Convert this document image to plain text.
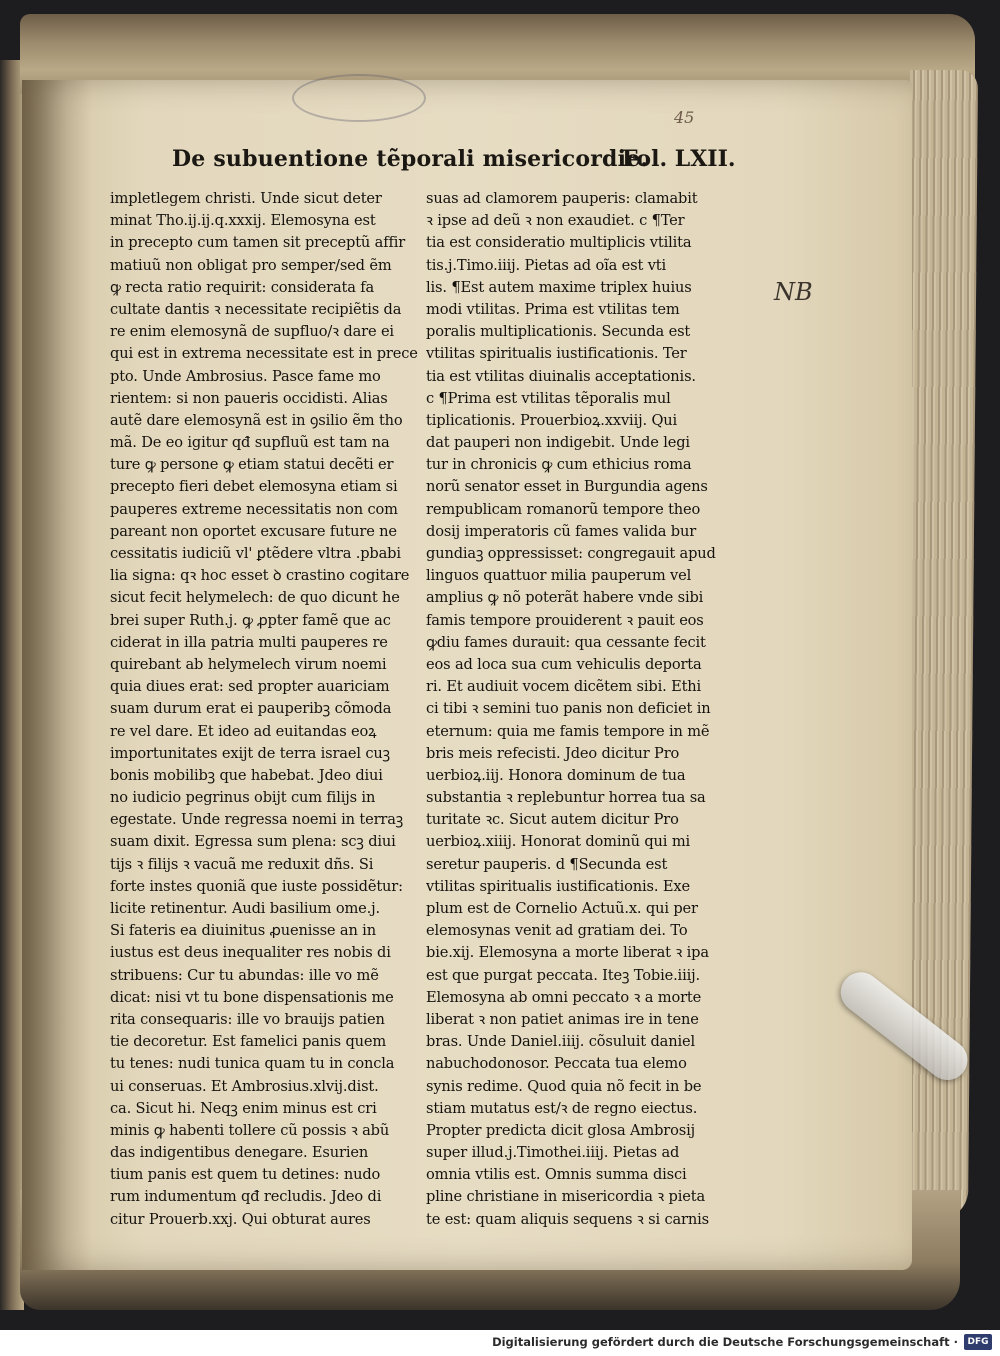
45
De subuentione tẽporali misericordie.
Fol. LXII.
NB
impletlegem christi. Unde sicut deter
minat Tho.ij.ij.q.xxxij. Elemosyna est
in precepto cum tamen sit preceptũ affir
matiuũ non obligat pro semper/sed ẽm
ꝙ recta ratio requirit: considerata fa
cultate dantis ꝛ necessitate recipiẽtis da
re enim elemosynã de supfluo/ꝛ dare ei
qui est in extrema necessitate est in prece
pto. Unde Ambrosius. Pasce fame mo
rientem: si non paueris occidisti. Alias
autẽ dare elemosynã est in ꝯsilio ẽm tho
mã. De eo igitur qđ supfluũ est tam na
ture ꝙ persone ꝙ etiam statui decẽti er
precepto fieri debet elemosyna etiam si
pauperes extreme necessitatis non com
pareant non oportet excusare future ne
cessitatis iudiciũ vl' ꝑtẽdere vltra .pbabi
lia signa: qꝛ hoc esset ꝺ crastino cogitare
sicut fecit helymelech: de quo dicunt he
brei super Ruth.j. ꝙ ꝓpter famẽ que ac
ciderat in illa patria multi pauperes re
quirebant ab helymelech virum noemi
quia diues erat: sed propter auariciam
suam durum erat ei pauperibꝫ cõmoda
re vel dare. Et ideo ad euitandas eoꝝ
importunitates exijt de terra israel cuꝫ
bonis mobilibꝫ que habebat. Jdeo diui
no iudicio pegrinus obijt cum filijs in
egestate. Unde regressa noemi in terraꝫ
suam dixit. Egressa sum plena: scꝫ diui
tijs ꝛ filijs ꝛ vacuã me reduxit dñs. Si
forte instes quoniã que iuste possidẽtur:
licite retinentur. Audi basilium ome.j.
Si fateris ea diuinitus ꝓuenisse an in
iustus est deus inequaliter res nobis di
stribuens: Cur tu abundas: ille vo mẽ
dicat: nisi vt tu bone dispensationis me
rita consequaris: ille vo brauijs patien
tie decoretur. Est famelici panis quem
tu tenes: nudi tunica quam tu in concla
ui conseruas. Et Ambrosius.xlvij.dist.
ca. Sicut hi. Neqꝫ enim minus est cri
minis ꝙ habenti tollere cũ possis ꝛ abũ
das indigentibus denegare. Esurien
tium panis est quem tu detines: nudo
rum indumentum qđ recludis. Jdeo di
citur Prouerb.xxj. Qui obturat aures
suas ad clamorem pauperis: clamabit
ꝛ ipse ad deũ ꝛ non exaudiet. c ¶Ter
tia est consideratio multiplicis vtilita
tis.j.Timo.iiij. Pietas ad oĩa est vti
lis. ¶Est autem maxime triplex huius
modi vtilitas. Prima est vtilitas tem
poralis multiplicationis. Secunda est
vtilitas spiritualis iustificationis. Ter
tia est vtilitas diuinalis acceptationis.
c ¶Prima est vtilitas tẽporalis mul
tiplicationis. Prouerbioꝝ.xxviij. Qui
dat pauperi non indigebit. Unde legi
tur in chronicis ꝙ cum ethicius roma
norũ senator esset in Burgundia agens
rempublicam romanorũ tempore theo
dosij imperatoris cũ fames valida bur
gundiaꝫ oppressisset: congregauit apud
linguos quattuor milia pauperum vel
amplius ꝙ nõ poterãt habere vnde sibi
famis tempore prouiderent ꝛ pauit eos
ꝙdiu fames durauit: qua cessante fecit
eos ad loca sua cum vehiculis deporta
ri. Et audiuit vocem dicẽtem sibi. Ethi
ci tibi ꝛ semini tuo panis non deficiet in
eternum: quia me famis tempore in mẽ
bris meis refecisti. Jdeo dicitur Pro
uerbioꝝ.iij. Honora dominum de tua
substantia ꝛ replebuntur horrea tua sa
turitate ꝛc. Sicut autem dicitur Pro
uerbioꝝ.xiiij. Honorat dominũ qui mi
seretur pauperis. d ¶Secunda est
vtilitas spiritualis iustificationis. Exe
plum est de Cornelio Actuũ.x. qui per
elemosynas venit ad gratiam dei. To
bie.xij. Elemosyna a morte liberat ꝛ ipa
est que purgat peccata. Iteꝫ Tobie.iiij.
Elemosyna ab omni peccato ꝛ a morte
liberat ꝛ non patiet animas ire in tene
bras. Unde Daniel.iiij. cõsuluit daniel
nabuchodonosor. Peccata tua elemo
synis redime. Quod quia nõ fecit in be
stiam mutatus est/ꝛ de regno eiectus.
Propter predicta dicit glosa Ambrosij
super illud.j.Timothei.iiij. Pietas ad
omnia vtilis est. Omnis summa disci
pline christiane in misericordia ꝛ pieta
te est: quam aliquis sequens ꝛ si carnis
Digitalisierung gefördert durch die Deutsche Forschungsgemeinschaft ·	DFG
